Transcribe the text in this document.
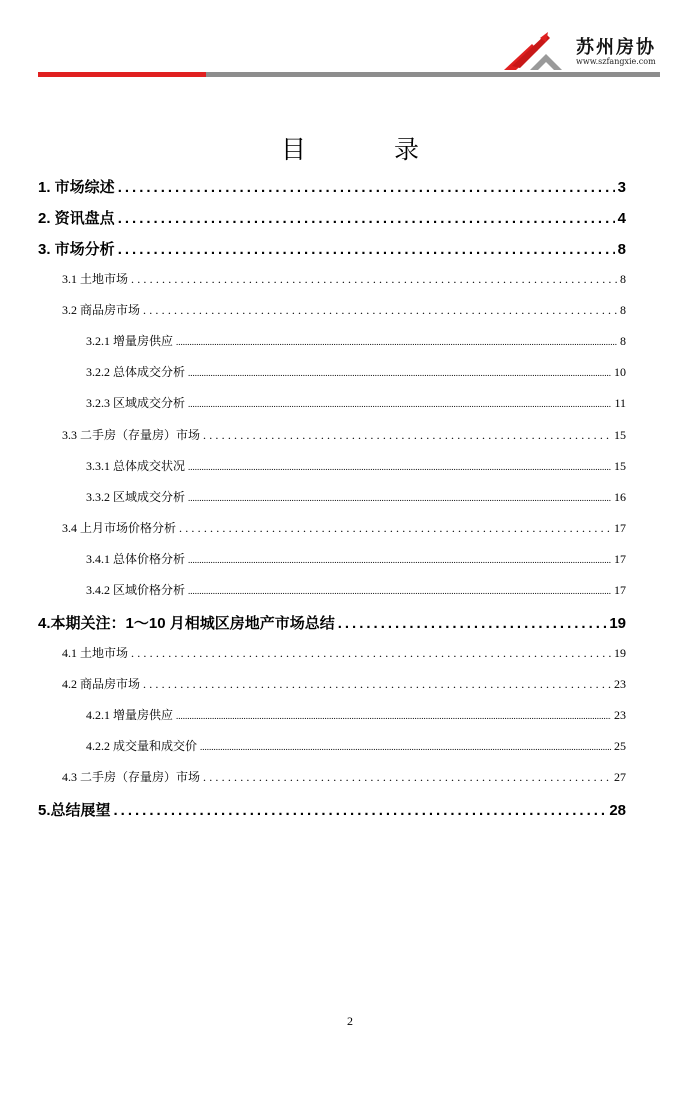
苏州房协
www.szfangxie.com
目 录
1. 市场综述 .....	3
2. 资讯盘点 .....	4
3. 市场分析 .....	8
3.1 土地市场 .....	8
3.2 商品房市场 .....	8
3.2.1 增量房供应 .....	8
3.2.2 总体成交分析 .....	10
3.2.3 区域成交分析 .....	11
3.3 二手房（存量房）市场 .....	15
3.3.1 总体成交状况 .....	15
3.3.2 区域成交分析 .....	16
3.4 上月市场价格分析 .....	17
3.4.1 总体价格分析 .....	17
3.4.2 区域价格分析 .....	17
4.本期关注：1～10 月相城区房地产市场总结 .....	19
4.1 土地市场 .....	19
4.2 商品房市场 .....	23
4.2.1 增量房供应 .....	23
4.2.2 成交量和成交价 .....	25
4.3 二手房（存量房）市场 .....	27
5.总结展望 .....	28
2
